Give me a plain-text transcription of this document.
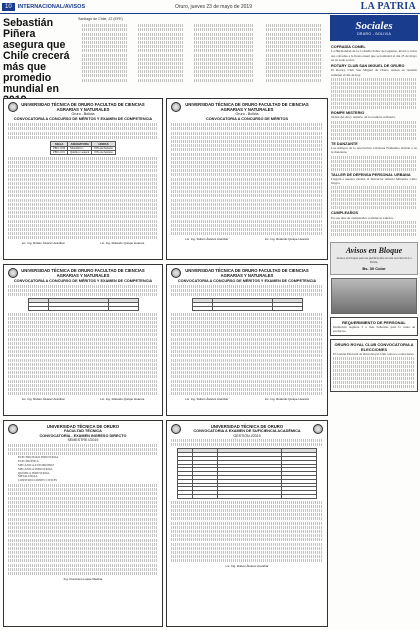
10	INTERNACIONAL/AVISOS	Oruro, jueves 23 de mayo de 2019	LA PATRIA
Sebastián Piñera asegura que Chile crecerá más que promedio mundial en
Santiago de Chile, 22 (EFE)
UNIVERSIDAD TÉCNICA DE ORURO FACULTAD DE CIENCIAS AGRARIAS Y NATURALES
Oruro - Bolivia
CONVOCATORIA A CONCURSO DE MÉRITOS Y EXAMEN DE COMPETENCIA
SIGLA	ASIGNATURA	HORAS
PBO-1100	Matemática	8 Horas/Semana
PBO-1101	Química General	8 Horas/Semana
Lic. Ing. Rubén Álvarez Aranibar	Lic. Ing. Rolando Quispe Huanca
UNIVERSIDAD TÉCNICA DE ORURO FACULTAD DE CIENCIAS AGRARIAS Y NATURALES
Oruro - Bolivia
CONVOCATORIA A CONCURSO DE MÉRITOS
Lic. Ing. Rubén Álvarez Aranibar	Lic. Ing. Rolando Quispe Huanca
UNIVERSIDAD TÉCNICA DE ORURO FACULTAD DE CIENCIAS AGRARIAS Y NATURALES
CONVOCATORIA A CONCURSO DE MÉRITOS Y EXAMEN DE COMPETENCIA

Lic. Ing. Rubén Álvarez Aranibar	Lic. Ing. Rolando Quispe Huanca
UNIVERSIDAD TÉCNICA DE ORURO FACULTAD DE CIENCIAS AGRARIAS Y NATURALES
CONVOCATORIA A CONCURSO DE MÉRITOS Y EXAMEN DE COMPETENCIA

Lic. Ing. Rubén Álvarez Aranibar	Lic. Ing. Rolando Quispe Huanca
UNIVERSIDAD TÉCNICA DE ORURO
FACULTAD TÉCNICA
CONVOCATORIA - EXAMEN INGRESO DIRECTO
SEMESTRE I/2019
ELECTRICIDAD INDUSTRIAL
ELECTRÓNICA
MECÁNICA AUTOMOTRIZ
MECÁNICA INDUSTRIAL
QUÍMICA INDUSTRIAL
METALURGIA
CONSTRUCCIONES CIVILES
Ing. Francisco Luque Medina
UNIVERSIDAD TÉCNICA DE ORURO
CONVOCATORIA A EXAMEN DE SUFICIENCIA ACADÉMICA
GESTIÓN I/2019

Lic. Ing. Rubén Álvarez Aranibar
Sociales
ORURO - BOLIVIA
COFRADÍA COMEL
La Hermandad de la Cofradía Señor de Lagunas, invita a todos sus cofrades a la fiesta anual que se realizará el día 25 de mayo en su sede social.
ROTARY CLUB SAN MIGUEL DE ORURO
El Rotary Club San Miguel de Oruro, tienen su reunión semanal el día de hoy.
ROMPE MISTERIO
Orden del día y temario de la reunión ordinaria.
TE DANZANTE
Los Amigos de la Asociación Cristiana Femenina invitan a su té danzante.
TALLER DE DEFENSA PERSONAL URBANA
Llegará a nuestra ciudad, el Instructor Alberto Miranda, Cinto Negro.
CUMPLEAÑOS
En sus días de cumpleaños recibieron saludos.
Avisos en Bloque
Avisos en bloque para su publicación en esta sección de La Patria.
Bs. 30 Color
REQUERIMIENTO DE PERSONAL
Institución requiere 3 o más Señoritas para la venta de productos.
ORURO ROYAL CLUB CONVOCATORIA A ELECCIONES
El Comité Electoral de Oruro Royal Club convoca a elecciones.
